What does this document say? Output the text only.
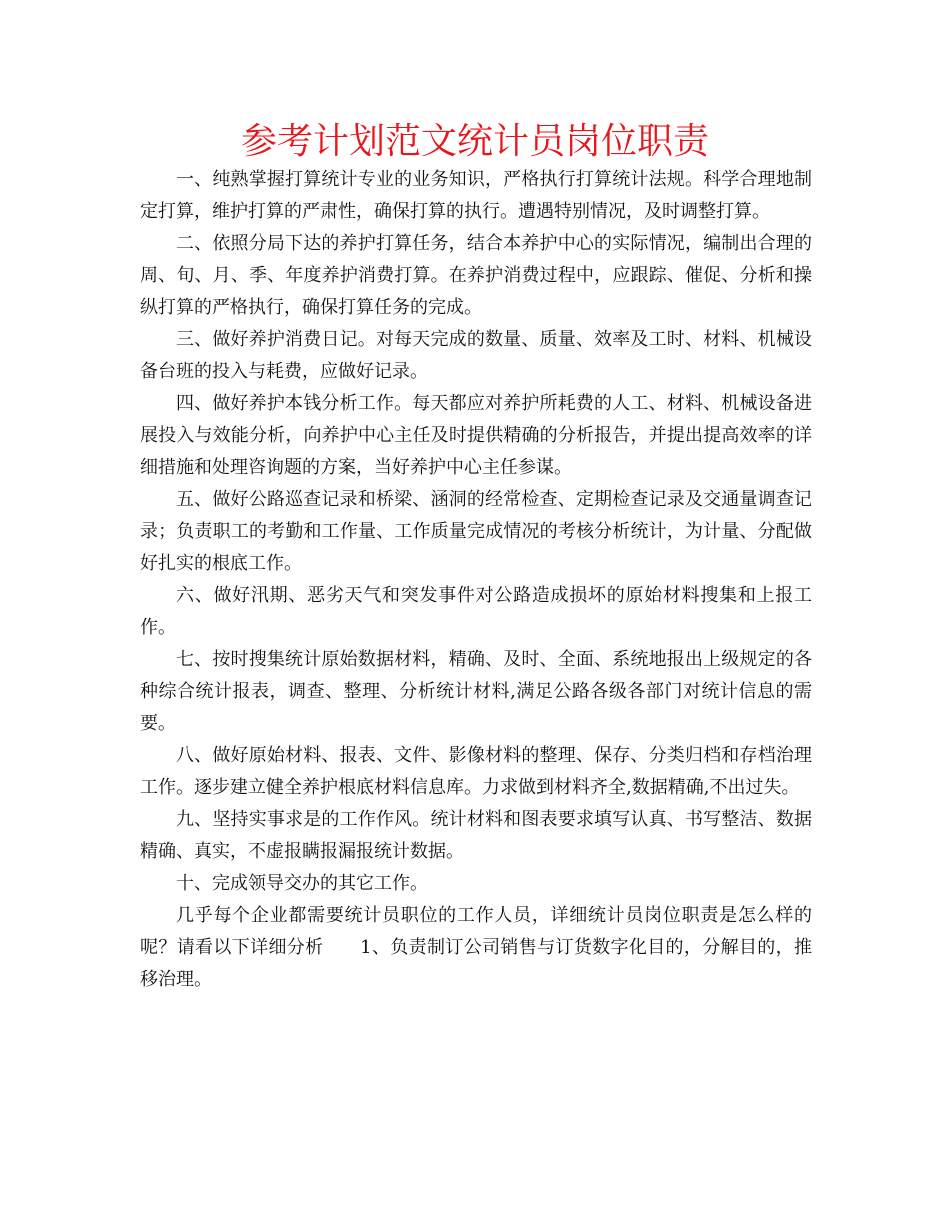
参考计划范文统计员岗位职责

一、纯熟掌握打算统计专业的业务知识，严格执行打算统计法规。科学合理地制定打算，维护打算的严肃性，确保打算的执行。遭遇特别情况，及时调整打算。

二、依照分局下达的养护打算任务，结合本养护中心的实际情况，编制出合理的周、旬、月、季、年度养护消费打算。在养护消费过程中，应跟踪、催促、分析和操纵打算的严格执行，确保打算任务的完成。

三、做好养护消费日记。对每天完成的数量、质量、效率及工时、材料、机械设备台班的投入与耗费，应做好记录。

四、做好养护本钱分析工作。每天都应对养护所耗费的人工、材料、机械设备进展投入与效能分析，向养护中心主任及时提供精确的分析报告，并提出提高效率的详细措施和处理咨询题的方案，当好养护中心主任参谋。

五、做好公路巡查记录和桥梁、涵洞的经常检查、定期检查记录及交通量调查记录；负责职工的考勤和工作量、工作质量完成情况的考核分析统计，为计量、分配做好扎实的根底工作。

六、做好汛期、恶劣天气和突发事件对公路造成损坏的原始材料搜集和上报工作。

七、按时搜集统计原始数据材料，精确、及时、全面、系统地报出上级规定的各种综合统计报表，调查、整理、分析统计材料,满足公路各级各部门对统计信息的需要。

八、做好原始材料、报表、文件、影像材料的整理、保存、分类归档和存档治理工作。逐步建立健全养护根底材料信息库。力求做到材料齐全,数据精确,不出过失。

九、坚持实事求是的工作作风。统计材料和图表要求填写认真、书写整洁、数据精确、真实，不虚报瞒报漏报统计数据。

十、完成领导交办的其它工作。

几乎每个企业都需要统计员职位的工作人员，详细统计员岗位职责是怎么样的呢？请看以下详细分析　　1、负责制订公司销售与订货数字化目的，分解目的，推移治理。
